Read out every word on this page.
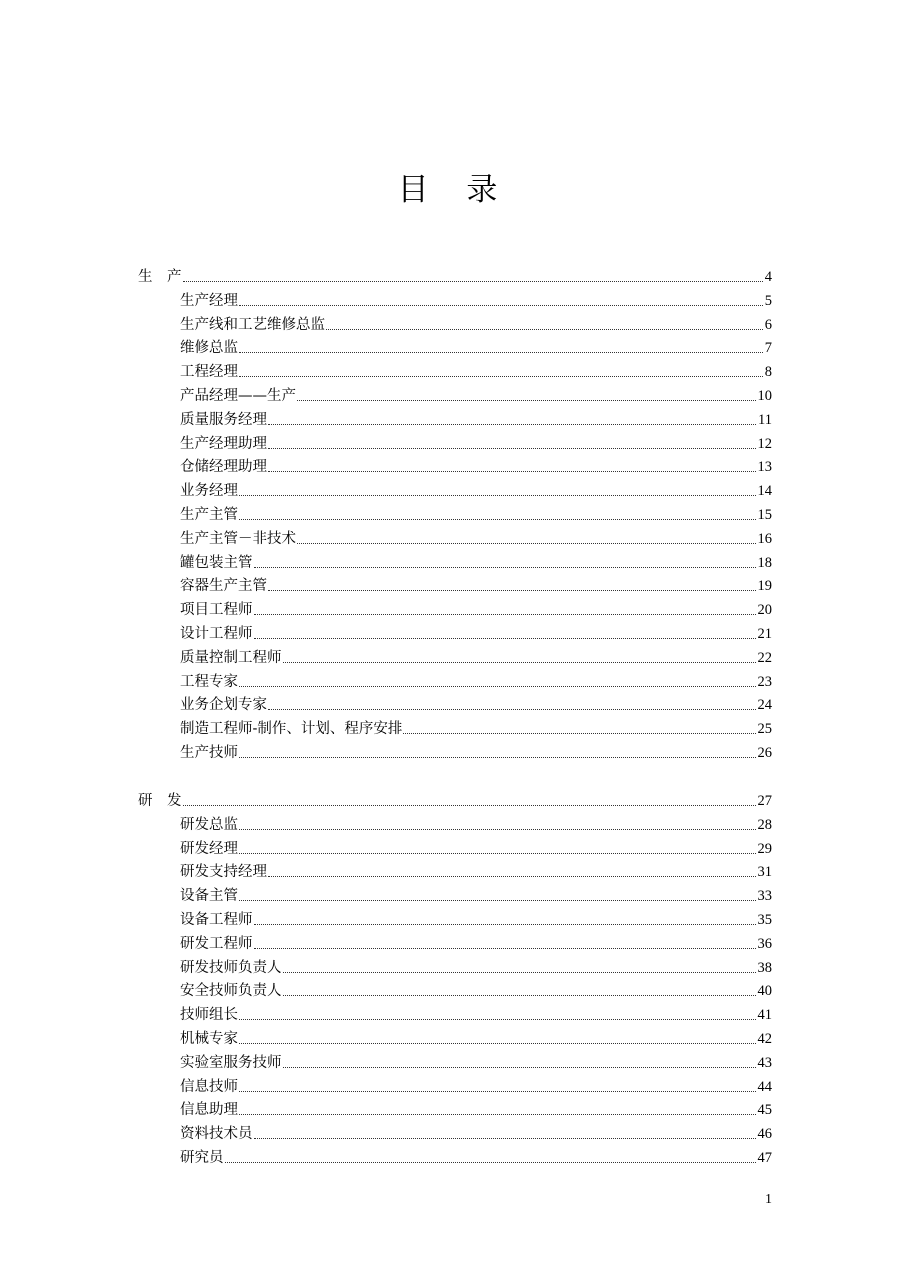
目 录
生　产	4
生产经理	5
生产线和工艺维修总监	6
维修总监	7
工程经理	8
产品经理——生产	10
质量服务经理	11
生产经理助理	12
仓储经理助理	13
业务经理	14
生产主管	15
生产主管－非技术	16
罐包装主管	18
容器生产主管	19
项目工程师	20
设计工程师	21
质量控制工程师	22
工程专家	23
业务企划专家	24
制造工程师-制作、计划、程序安排	25
生产技师	26
研　发	27
研发总监	28
研发经理	29
研发支持经理	31
设备主管	33
设备工程师	35
研发工程师	36
研发技师负责人	38
安全技师负责人	40
技师组长	41
机械专家	42
实验室服务技师	43
信息技师	44
信息助理	45
资料技术员	46
研究员	47
1
